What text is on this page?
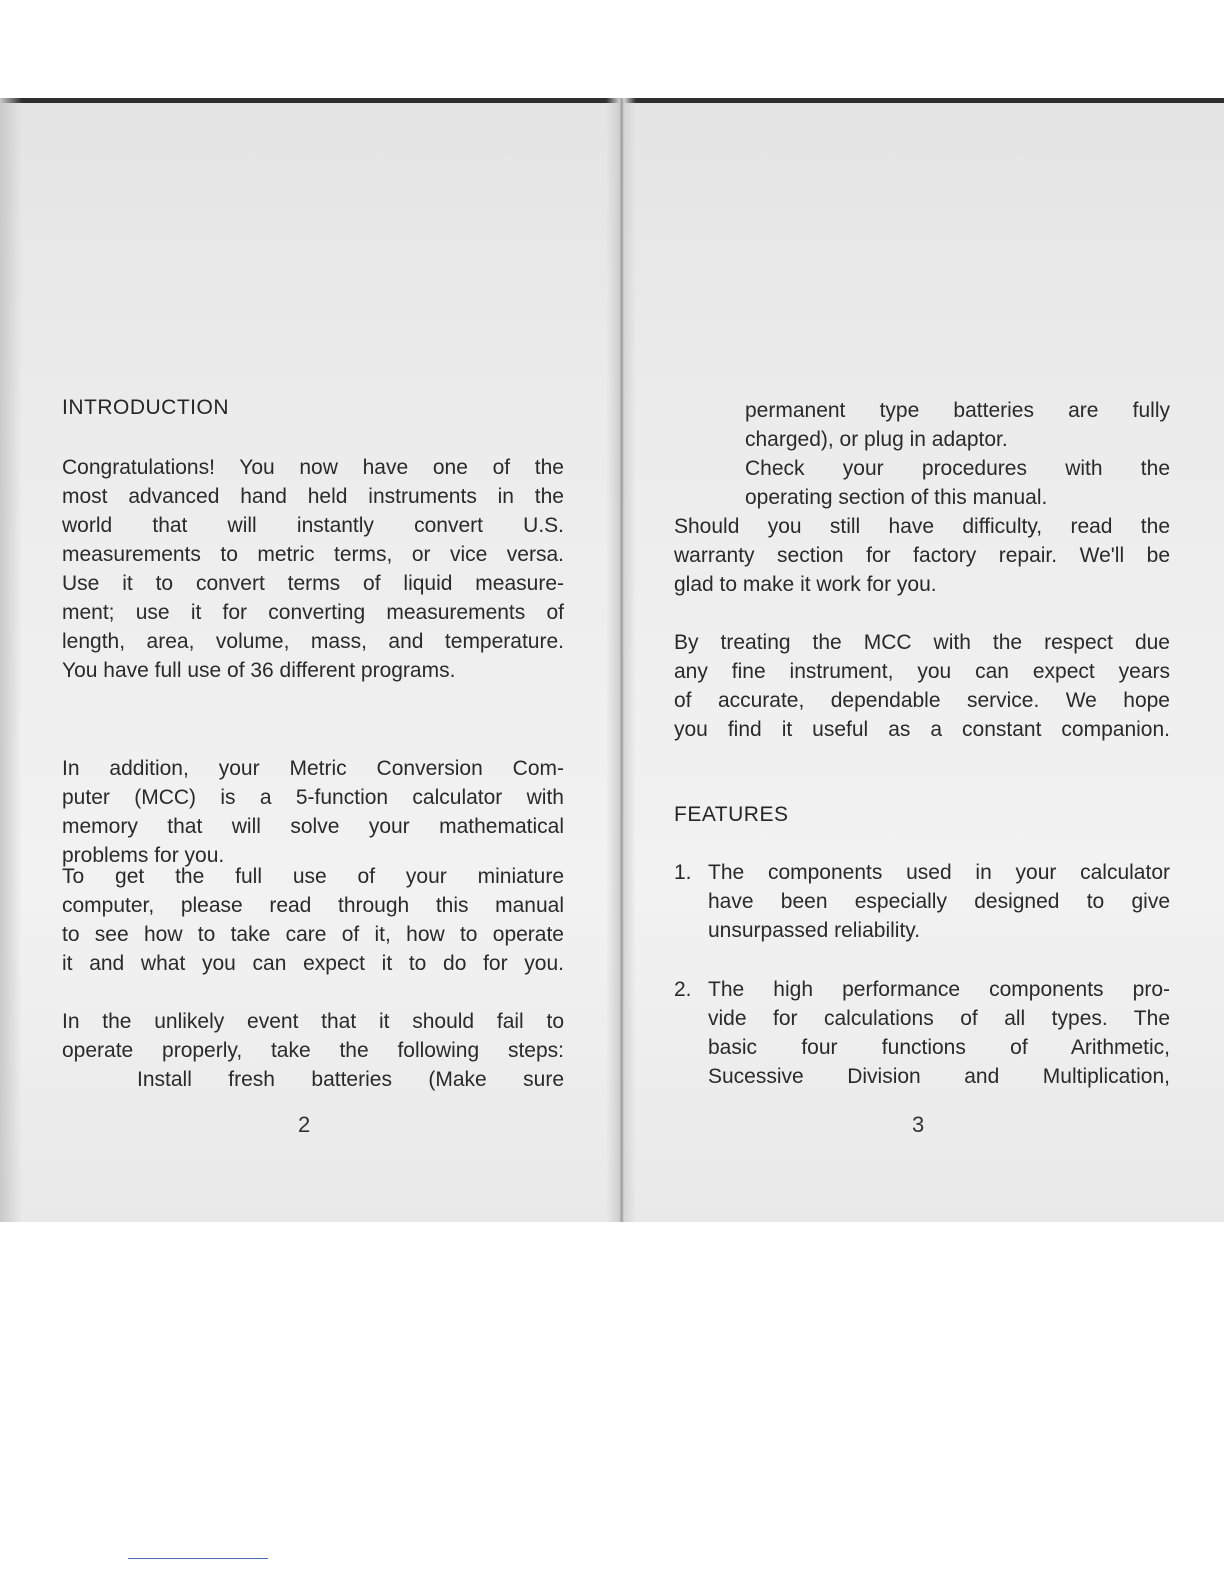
INTRODUCTION

Congratulations! You now have one of the
most advanced hand held instruments in the
world that will instantly convert U.S.
measurements to metric terms, or vice versa.
Use it to convert terms of liquid measure-
ment; use it for converting measurements of
length, area, volume, mass, and temperature.
You have full use of 36 different programs.

In addition, your Metric Conversion Com-
puter (MCC) is a 5-function calculator with
memory that will solve your mathematical
problems for you.

To get the full use of your miniature
computer, please read through this manual
to see how to take care of it, how to operate
it and what you can expect it to do for you.

In the unlikely event that it should fail to
operate properly, take the following steps:
Install fresh batteries (Make sure

2

permanent type batteries are fully
charged), or plug in adaptor.
Check your procedures with the
operating section of this manual.

Should you still have difficulty, read the
warranty section for factory repair. We'll be
glad to make it work for you.

By treating the MCC with the respect due
any fine instrument, you can expect years
of accurate, dependable service. We hope
you find it useful as a constant companion.

FEATURES
1. The components used in your calculator
have been especially designed to give
unsurpassed reliability.
2. The high performance components pro-
vide for calculations of all types. The
basic four functions of Arithmetic,
Sucessive Division and Multiplication,
3
